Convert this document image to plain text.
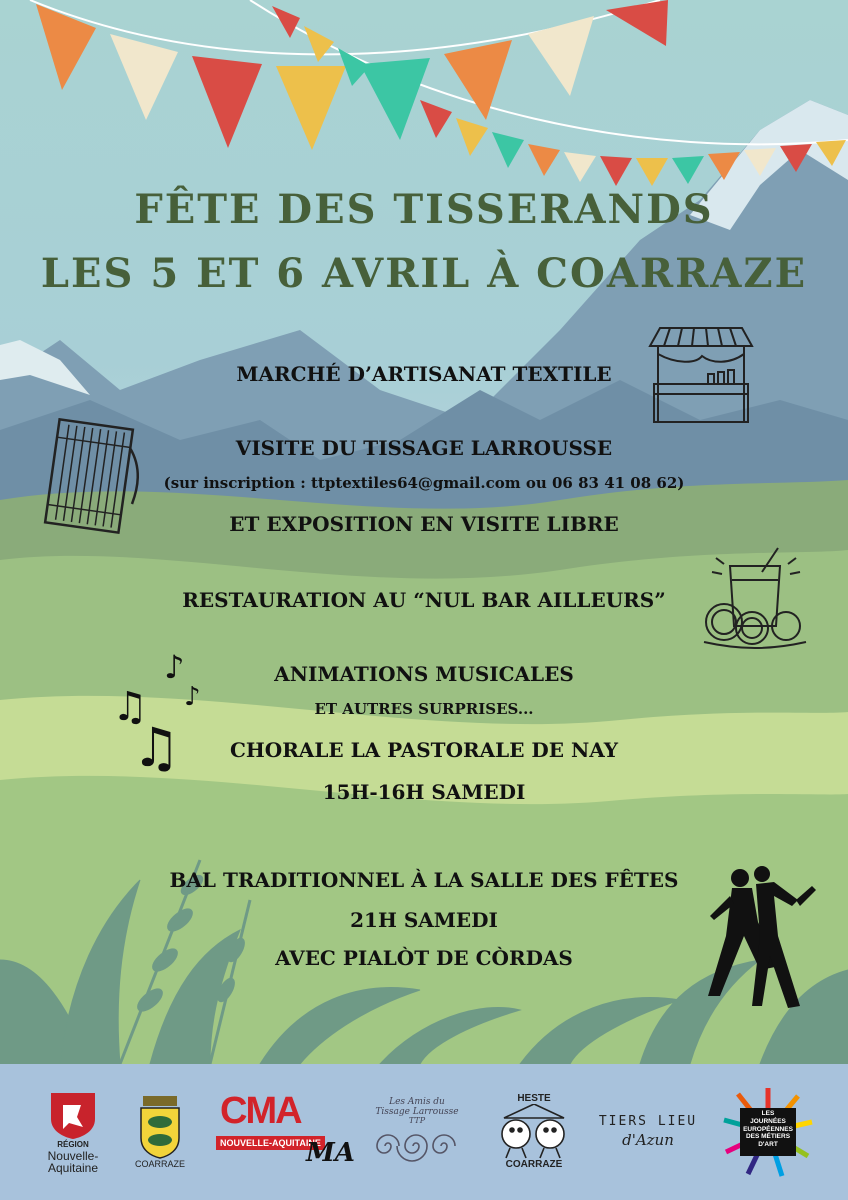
FÊTE DES TISSERANDS
LES 5 ET 6 AVRIL À COARRAZE

MARCHÉ D’ARTISANAT TEXTILE

VISITE DU TISSAGE LARROUSSE

(sur inscription : ttptextiles64@gmail.com ou 06 83 41 08 62)

ET EXPOSITION EN VISITE LIBRE

RESTAURATION AU “NUL BAR AILLEURS”

ANIMATIONS MUSICALES

ET AUTRES SURPRISES...

CHORALE LA PASTORALE DE NAY

15H-16H SAMEDI

BAL TRADITIONNEL À LA SALLE DES FÊTES

21H SAMEDI

AVEC PIALÒT DE CÒRDAS

♪
♪
♫
♫
RÉGION
Nouvelle-Aquitaine	COARRAZE
CMA
NOUVELLE-AQUITAINE
MA
Les Amis du
Tissage Larrousse
TTP
HESTE
COARRAZE
TIERS LIEU
d'Azun
LES
JOURNÉES
EUROPÉENNES
DES MÉTIERS
D'ART
